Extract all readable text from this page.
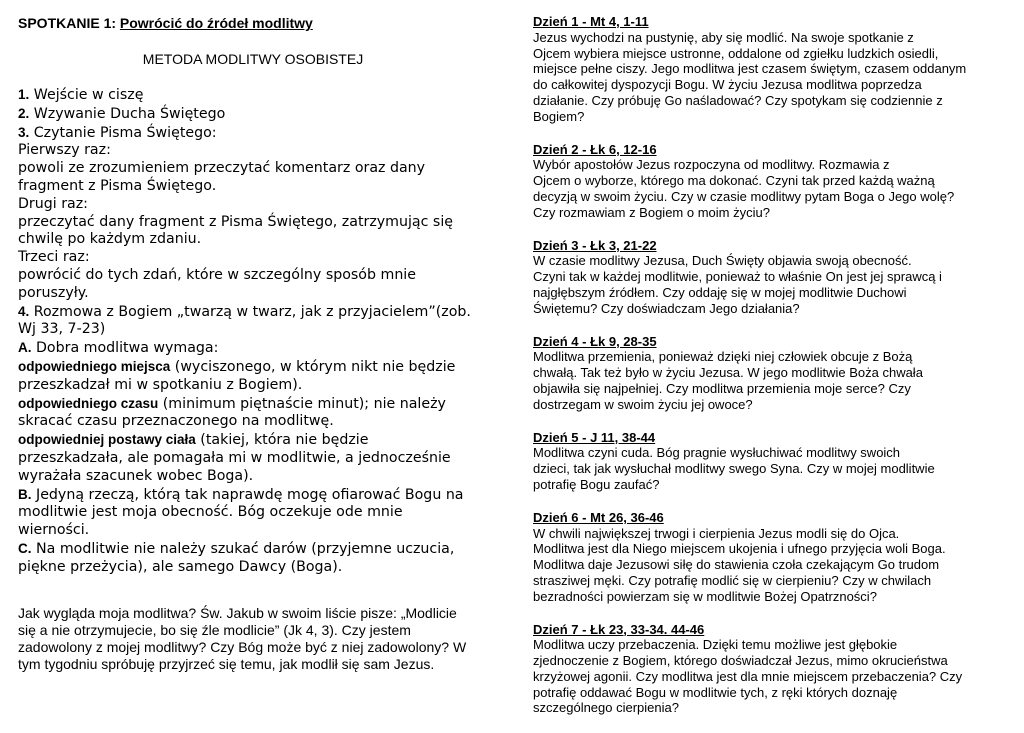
SPOTKANIE 1: Powrócić do źródeł modlitwy
METODA MODLITWY OSOBISTEJ
1. Wejście w ciszę
2. Wzywanie Ducha Świętego
3. Czytanie Pisma Świętego:
Pierwszy raz:
powoli ze zrozumieniem przeczytać komentarz oraz dany
fragment z Pisma Świętego.
Drugi raz:
przeczytać dany fragment z Pisma Świętego, zatrzymując się
chwilę po każdym zdaniu.
Trzeci raz:
powrócić do tych zdań, które w szczególny sposób mnie
poruszyły.
4. Rozmowa z Bogiem „twarzą w twarz, jak z przyjacielem”(zob.
Wj 33, 7-23)
A. Dobra modlitwa wymaga:
odpowiedniego miejsca (wyciszonego, w którym nikt nie będzie
przeszkadzał mi w spotkaniu z Bogiem).
odpowiedniego czasu (minimum piętnaście minut); nie należy
skracać czasu przeznaczonego na modlitwę.
odpowiedniej postawy ciała (takiej, która nie będzie
przeszkadzała, ale pomagała mi w modlitwie, a jednocześnie
wyrażała szacunek wobec Boga).
B. Jedyną rzeczą, którą tak naprawdę mogę ofiarować Bogu na
modlitwie jest moja obecność. Bóg oczekuje ode mnie
wierności.
C. Na modlitwie nie należy szukać darów (przyjemne uczucia,
piękne przeżycia), ale samego Dawcy (Boga).
Jak wygląda moja modlitwa? Św. Jakub w swoim liście pisze: „Modlicie
się a nie otrzymujecie, bo się źle modlicie” (Jk 4, 3). Czy jestem
zadowolony z mojej modlitwy? Czy Bóg może być z niej zadowolony? W
tym tygodniu spróbuję przyjrzeć się temu, jak modlił się sam Jezus.
Dzień 1 - Mt 4, 1-11
Jezus wychodzi na pustynię, aby się modlić. Na swoje spotkanie z
Ojcem wybiera miejsce ustronne, oddalone od zgiełku ludzkich osiedli,
miejsce pełne ciszy. Jego modlitwa jest czasem świętym, czasem oddanym
do całkowitej dyspozycji Bogu. W życiu Jezusa modlitwa poprzedza
działanie. Czy próbuję Go naśladować? Czy spotykam się codziennie z
Bogiem?
Dzień 2 - Łk 6, 12-16
Wybór apostołów Jezus rozpoczyna od modlitwy. Rozmawia z
Ojcem o wyborze, którego ma dokonać. Czyni tak przed każdą ważną
decyzją w swoim życiu. Czy w czasie modlitwy pytam Boga o Jego wolę?
Czy rozmawiam z Bogiem o moim życiu?
Dzień 3 - Łk 3, 21-22
W czasie modlitwy Jezusa, Duch Święty objawia swoją obecność.
Czyni tak w każdej modlitwie, ponieważ to właśnie On jest jej sprawcą i
najgłębszym źródłem. Czy oddaję się w mojej modlitwie Duchowi
Świętemu? Czy doświadczam Jego działania?
Dzień 4 - Łk 9, 28-35
Modlitwa przemienia, ponieważ dzięki niej człowiek obcuje z Bożą
chwałą. Tak też było w życiu Jezusa. W jego modlitwie Boża chwała
objawiła się najpełniej. Czy modlitwa przemienia moje serce? Czy
dostrzegam w swoim życiu jej owoce?
Dzień 5 - J 11, 38-44
Modlitwa czyni cuda. Bóg pragnie wysłuchiwać modlitwy swoich
dzieci, tak jak wysłuchał modlitwy swego Syna. Czy w mojej modlitwie
potrafię Bogu zaufać?
Dzień 6 - Mt 26, 36-46
W chwili największej trwogi i cierpienia Jezus modli się do Ojca.
Modlitwa jest dla Niego miejscem ukojenia i ufnego przyjęcia woli Boga.
Modlitwa daje Jezusowi siłę do stawienia czoła czekającym Go trudom
strasziwej męki. Czy potrafię modlić się w cierpieniu? Czy w chwilach
bezradności powierzam się w modlitwie Bożej Opatrzności?
Dzień 7 - Łk 23, 33-34. 44-46
Modlitwa uczy przebaczenia. Dzięki temu możliwe jest głębokie
zjednoczenie z Bogiem, którego doświadczał Jezus, mimo okrucieństwa
krzyżowej agonii. Czy modlitwa jest dla mnie miejscem przebaczenia? Czy
potrafię oddawać Bogu w modlitwie tych, z ręki których doznaję
szczególnego cierpienia?
